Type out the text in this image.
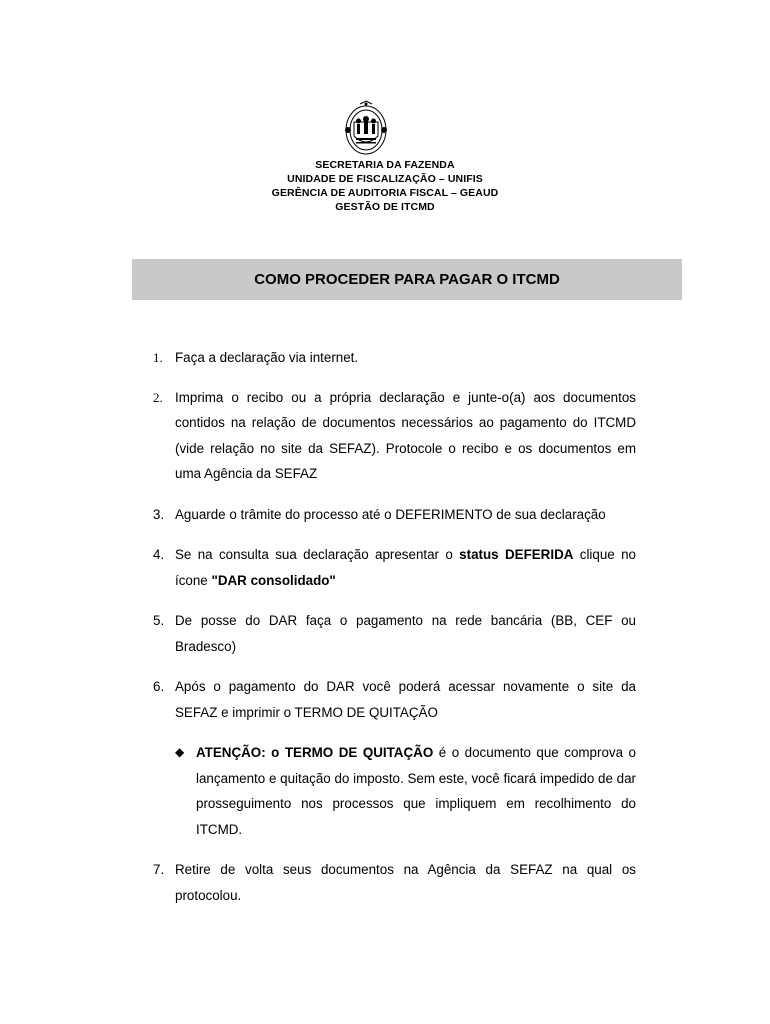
SECRETARIA DA FAZENDA
UNIDADE DE FISCALIZAÇÃO – UNIFIS
GERÊNCIA DE AUDITORIA FISCAL – GEAUD
GESTÃO DE ITCMD
COMO PROCEDER PARA PAGAR O ITCMD
1. Faça a declaração via internet.
2. Imprima o recibo ou a própria declaração e junte-o(a) aos documentos contidos na relação de documentos necessários ao pagamento do ITCMD (vide relação no site da SEFAZ). Protocole o recibo e os documentos em uma Agência da SEFAZ
3. Aguarde o trâmite do processo até o DEFERIMENTO de sua declaração
4. Se na consulta sua declaração apresentar o status DEFERIDA clique no ícone "DAR consolidado"
5. De posse do DAR faça o pagamento na rede bancária (BB, CEF ou Bradesco)
6. Após o pagamento do DAR você poderá acessar novamente o site da SEFAZ e imprimir o TERMO DE QUITAÇÃO
◆ ATENÇÃO: o TERMO DE QUITAÇÃO é o documento que comprova o lançamento e quitação do imposto. Sem este, você ficará impedido de dar prosseguimento nos processos que impliquem em recolhimento do ITCMD.
7. Retire de volta seus documentos na Agência da SEFAZ na qual os protocolou.
